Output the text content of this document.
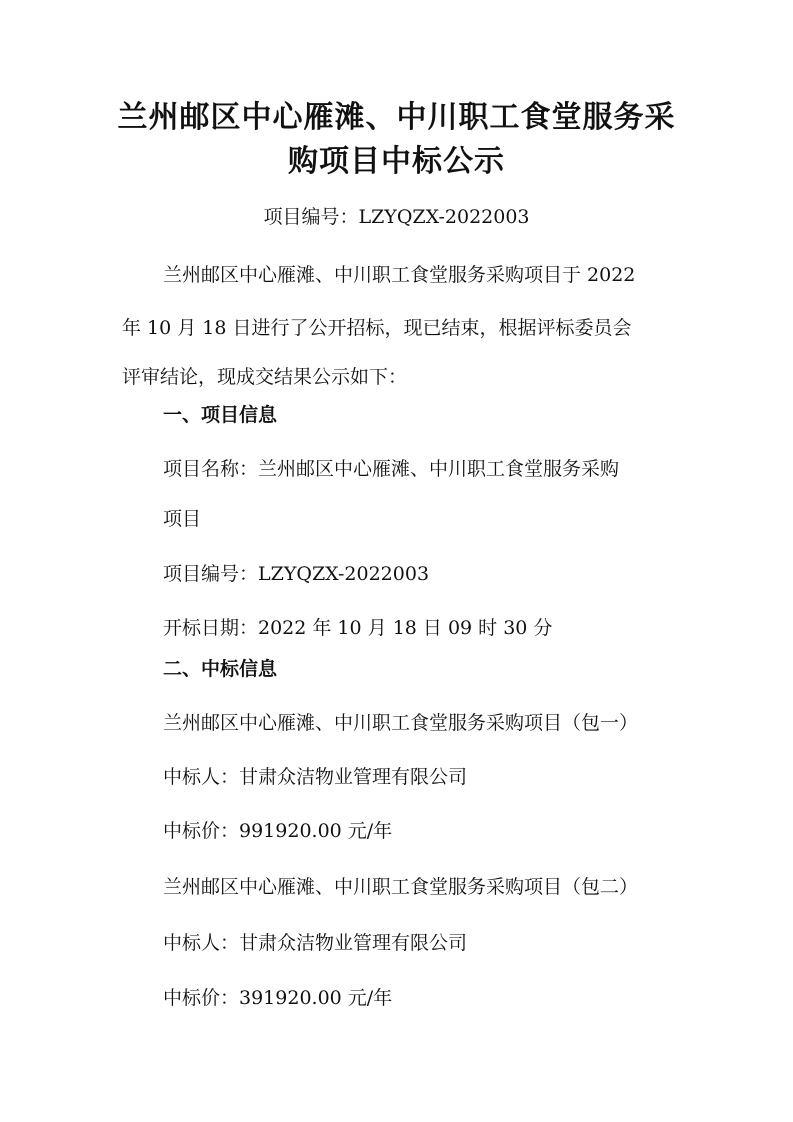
兰州邮区中心雁滩、中川职工食堂服务采
购项目中标公示
项目编号：LZYQZX-2022003
兰州邮区中心雁滩、中川职工食堂服务采购项目于 2022
年 10 月 18 日进行了公开招标，现已结束，根据评标委员会
评审结论，现成交结果公示如下：
一、项目信息
项目名称：兰州邮区中心雁滩、中川职工食堂服务采购
项目
项目编号：LZYQZX-2022003
开标日期：2022 年 10 月 18 日 09 时 30 分
二、中标信息
兰州邮区中心雁滩、中川职工食堂服务采购项目（包一）
中标人：甘肃众洁物业管理有限公司
中标价：991920.00 元/年
兰州邮区中心雁滩、中川职工食堂服务采购项目（包二）
中标人：甘肃众洁物业管理有限公司
中标价：391920.00 元/年
